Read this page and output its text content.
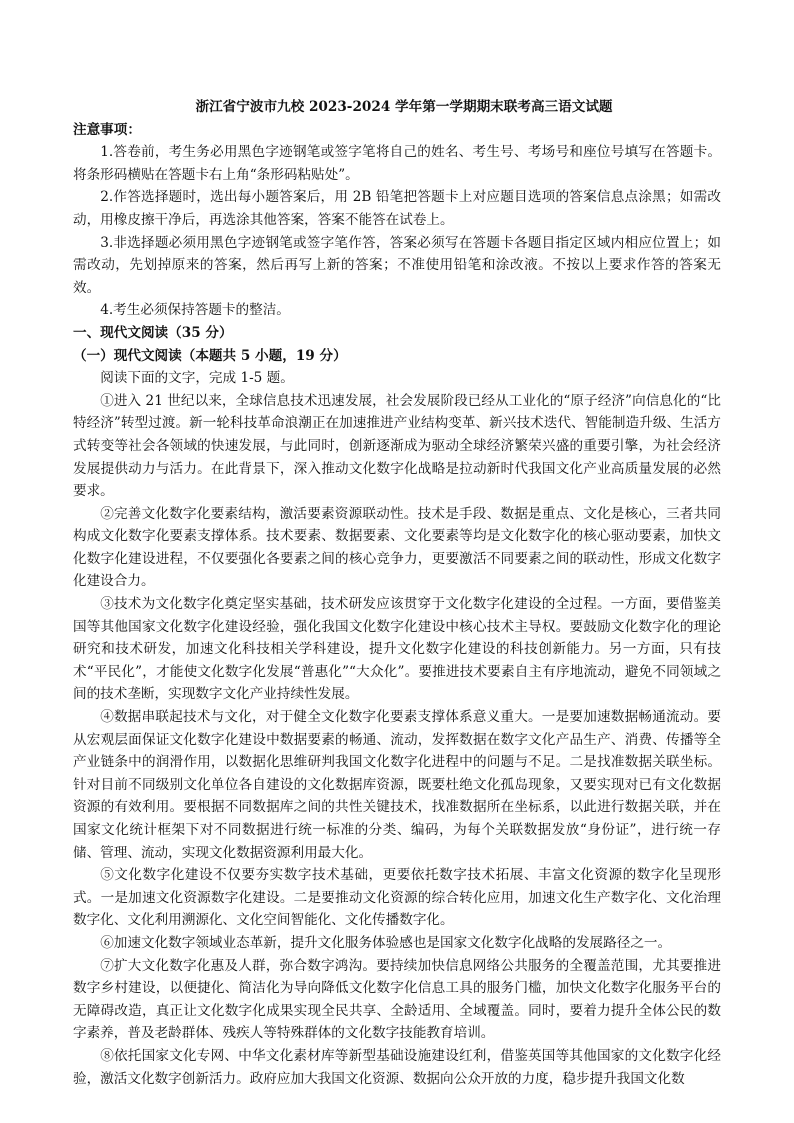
浙江省宁波市九校 2023-2024 学年第一学期期末联考高三语文试题

注意事项：

1.答卷前，考生务必用黑色字迹钢笔或签字笔将自己的姓名、考生号、考场号和座位号填写在答题卡。将条形码横贴在答题卡右上角“条形码粘贴处”。

2.作答选择题时，选出每小题答案后，用 2B 铅笔把答题卡上对应题目选项的答案信息点涂黑；如需改动，用橡皮擦干净后，再选涂其他答案，答案不能答在试卷上。

3.非选择题必须用黑色字迹钢笔或签字笔作答，答案必须写在答题卡各题目指定区域内相应位置上；如需改动，先划掉原来的答案，然后再写上新的答案；不准使用铅笔和涂改液。不按以上要求作答的答案无效。

4.考生必须保持答题卡的整洁。

一、现代文阅读（35 分）

（一）现代文阅读（本题共 5 小题，19 分）

阅读下面的文字，完成 1-5 题。

①进入 21 世纪以来，全球信息技术迅速发展，社会发展阶段已经从工业化的“原子经济”向信息化的“比特经济”转型过渡。新一轮科技革命浪潮正在加速推进产业结构变革、新兴技术迭代、智能制造升级、生活方式转变等社会各领域的快速发展，与此同时，创新逐渐成为驱动全球经济繁荣兴盛的重要引擎，为社会经济发展提供动力与活力。在此背景下，深入推动文化数字化战略是拉动新时代我国文化产业高质量发展的必然要求。

②完善文化数字化要素结构，激活要素资源联动性。技术是手段、数据是重点、文化是核心，三者共同构成文化数字化要素支撑体系。技术要素、数据要素、文化要素等均是文化数字化的核心驱动要素，加快文化数字化建设进程，不仅要强化各要素之间的核心竞争力，更要激活不同要素之间的联动性，形成文化数字化建设合力。

③技术为文化数字化奠定坚实基础，技术研发应该贯穿于文化数字化建设的全过程。一方面，要借鉴美国等其他国家文化数字化建设经验，强化我国文化数字化建设中核心技术主导权。要鼓励文化数字化的理论研究和技术研发，加速文化科技相关学科建设，提升文化数字化建设的科技创新能力。另一方面，只有技术“平民化”，才能使文化数字化发展“普惠化”“大众化”。要推进技术要素自主有序地流动，避免不同领域之间的技术垄断，实现数字文化产业持续性发展。

④数据串联起技术与文化，对于健全文化数字化要素支撑体系意义重大。一是要加速数据畅通流动。要从宏观层面保证文化数字化建设中数据要素的畅通、流动，发挥数据在数字文化产品生产、消费、传播等全产业链条中的润滑作用，以数据化思维研判我国文化数字化进程中的问题与不足。二是找准数据关联坐标。针对目前不同级别文化单位各自建设的文化数据库资源，既要杜绝文化孤岛现象，又要实现对已有文化数据资源的有效利用。要根据不同数据库之间的共性关键技术，找准数据所在坐标系，以此进行数据关联，并在国家文化统计框架下对不同数据进行统一标准的分类、编码，为每个关联数据发放“身份证”，进行统一存储、管理、流动，实现文化数据资源利用最大化。

⑤文化数字化建设不仅要夯实数字技术基础，更要依托数字技术拓展、丰富文化资源的数字化呈现形式。一是加速文化资源数字化建设。二是要推动文化资源的综合转化应用，加速文化生产数字化、文化治理数字化、文化利用溯源化、文化空间智能化、文化传播数字化。

⑥加速文化数字领域业态革新，提升文化服务体验感也是国家文化数字化战略的发展路径之一。

⑦扩大文化数字化惠及人群，弥合数字鸿沟。要持续加快信息网络公共服务的全覆盖范围，尤其要推进数字乡村建设，以便捷化、简洁化为导向降低文化数字化信息工具的服务门槛，加快文化数字化服务平台的无障碍改造，真正让文化数字化成果实现全民共享、全龄适用、全域覆盖。同时，要着力提升全体公民的数字素养，普及老龄群体、残疾人等特殊群体的文化数字技能教育培训。

⑧依托国家文化专网、中华文化素材库等新型基础设施建设红利，借鉴英国等其他国家的文化数字化经验，激活文化数字创新活力。政府应加大我国文化资源、数据向公众开放的力度，稳步提升我国文化数
